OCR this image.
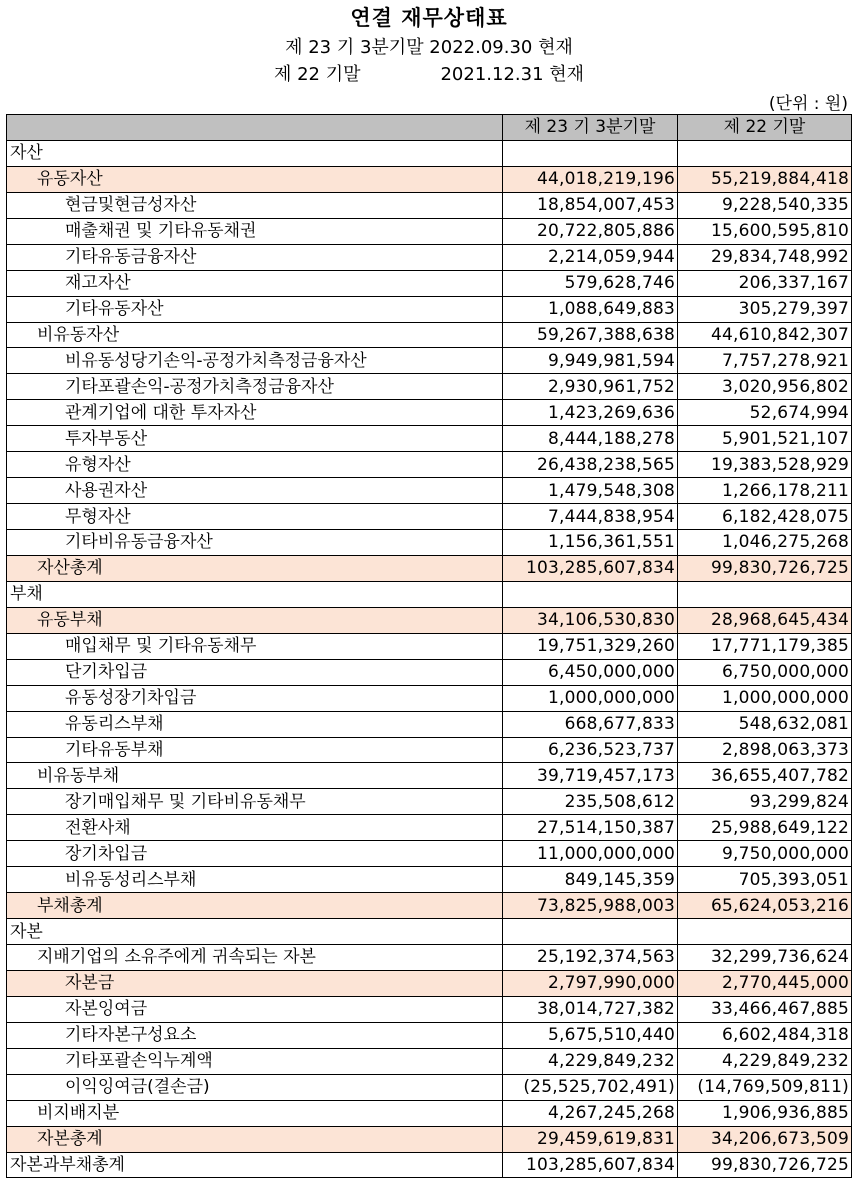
연결 재무상태표
제 23 기 3분기말 2022.09.30 현재
제 22 기말	2021.12.31 현재
(단위 : 원)
	제 23 기 3분기말	제 22 기말
자산		
유동자산	44,018,219,196	55,219,884,418
현금및현금성자산	18,854,007,453	9,228,540,335
매출채권 및 기타유동채권	20,722,805,886	15,600,595,810
기타유동금융자산	2,214,059,944	29,834,748,992
재고자산	579,628,746	206,337,167
기타유동자산	1,088,649,883	305,279,397
비유동자산	59,267,388,638	44,610,842,307
비유동성당기손익-공정가치측정금융자산	9,949,981,594	7,757,278,921
기타포괄손익-공정가치측정금융자산	2,930,961,752	3,020,956,802
관계기업에 대한 투자자산	1,423,269,636	52,674,994
투자부동산	8,444,188,278	5,901,521,107
유형자산	26,438,238,565	19,383,528,929
사용권자산	1,479,548,308	1,266,178,211
무형자산	7,444,838,954	6,182,428,075
기타비유동금융자산	1,156,361,551	1,046,275,268
자산총계	103,285,607,834	99,830,726,725
부채		
유동부채	34,106,530,830	28,968,645,434
매입채무 및 기타유동채무	19,751,329,260	17,771,179,385
단기차입금	6,450,000,000	6,750,000,000
유동성장기차입금	1,000,000,000	1,000,000,000
유동리스부채	668,677,833	548,632,081
기타유동부채	6,236,523,737	2,898,063,373
비유동부채	39,719,457,173	36,655,407,782
장기매입채무 및 기타비유동채무	235,508,612	93,299,824
전환사채	27,514,150,387	25,988,649,122
장기차입금	11,000,000,000	9,750,000,000
비유동성리스부채	849,145,359	705,393,051
부채총계	73,825,988,003	65,624,053,216
자본		
지배기업의 소유주에게 귀속되는 자본	25,192,374,563	32,299,736,624
자본금	2,797,990,000	2,770,445,000
자본잉여금	38,014,727,382	33,466,467,885
기타자본구성요소	5,675,510,440	6,602,484,318
기타포괄손익누계액	4,229,849,232	4,229,849,232
이익잉여금(결손금)	(25,525,702,491)	(14,769,509,811)
비지배지분	4,267,245,268	1,906,936,885
자본총계	29,459,619,831	34,206,673,509
자본과부채총계	103,285,607,834	99,830,726,725
